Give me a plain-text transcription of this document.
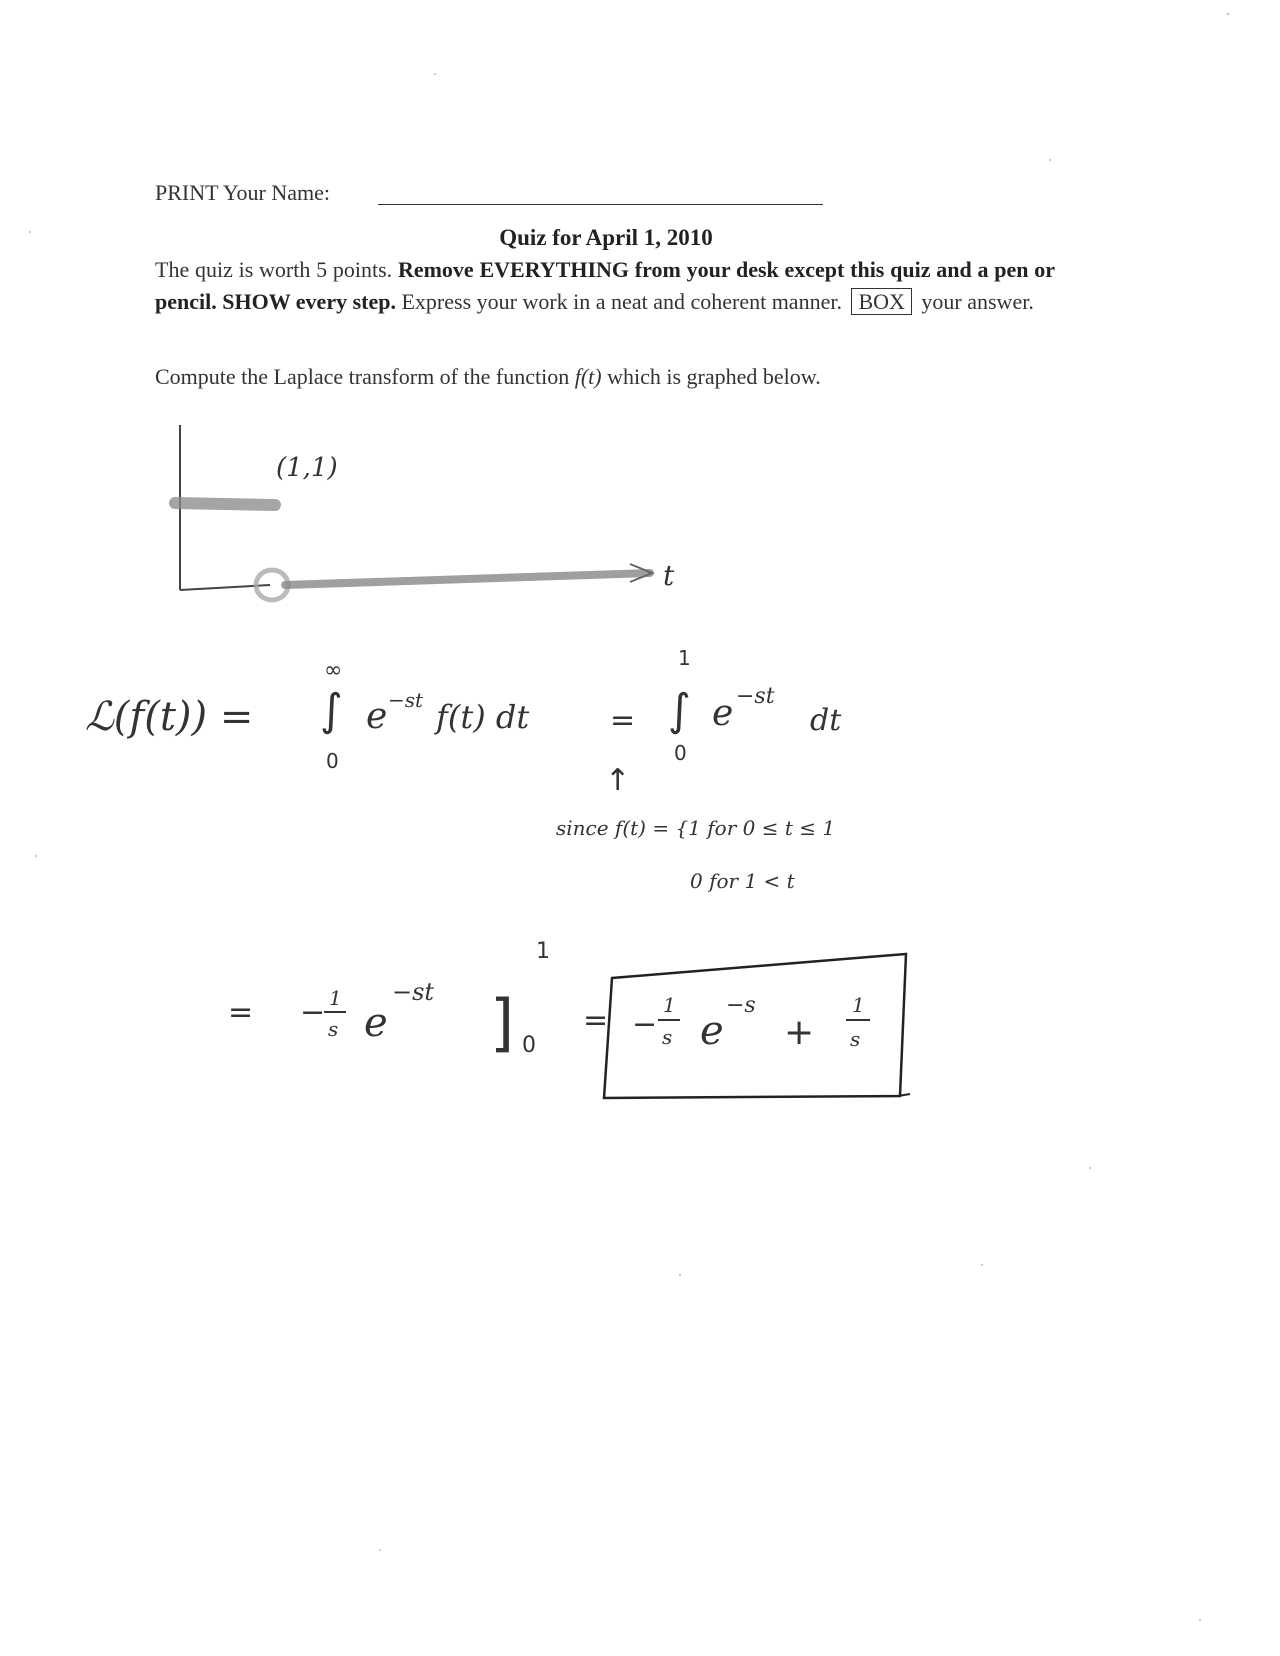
PRINT Your Name:
Quiz for April 1, 2010
The quiz is worth 5 points. Remove EVERYTHING from your desk except this quiz and a pen or pencil. SHOW every step. Express your work in a neat and coherent manner. BOX your answer.
Compute the Laplace transform of the function f(t) which is graphed below.
(1,1)
t
ℒ(f(t)) =
∞
∫
0
e −st f(t) dt	=
1
∫
0
e −st
dt
↑
since f(t) = {1 for 0 ≤ t ≤ 1
0 for 1 < t
= − 1
s e
−st ]
1
0
= −
1
s e
−s
+
1
s
